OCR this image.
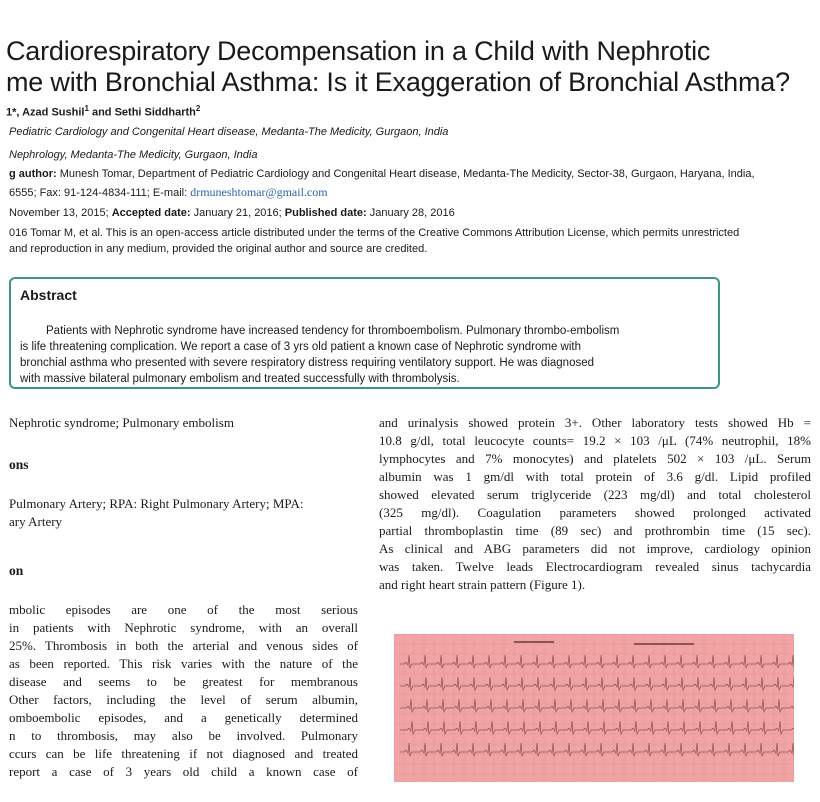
Cardiorespiratory Decompensation in a Child with Nephrotic
me with Bronchial Asthma: Is it Exaggeration of Bronchial Asthma?
1*, Azad Sushil$^1$ and Sethi Siddharth$^2$
Pediatric Cardiology and Congenital Heart disease, Medanta-The Medicity, Gurgaon, India
Nephrology, Medanta-The Medicity, Gurgaon, India
g author: Munesh Tomar, Department of Pediatric Cardiology and Congenital Heart disease, Medanta-The Medicity, Sector-38, Gurgaon, Haryana, India,
6555; Fax: 91-124-4834-111; E-mail: drmuneshtomar@gmail.com
November 13, 2015; Accepted date: January 21, 2016; Published date: January 28, 2016
016 Tomar M, et al. This is an open-access article distributed under the terms of the Creative Commons Attribution License, which permits unrestricted
and reproduction in any medium, provided the original author and source are credited.
Abstract
Patients with Nephrotic syndrome have increased tendency for thromboembolism. Pulmonary thrombo-embolism
is life threatening complication. We report a case of 3 yrs old patient a known case of Nephrotic syndrome with
bronchial asthma who presented with severe respiratory distress requiring ventilatory support. He was diagnosed
with massive bilateral pulmonary embolism and treated successfully with thrombolysis.
Nephrotic syndrome; Pulmonary embolism
ons
Pulmonary Artery; RPA: Right Pulmonary Artery; MPA:
ary Artery
on
mbolic episodes are one of the most serious
in patients with Nephrotic syndrome, with an overall
25%. Thrombosis in both the arterial and venous sides of
as been reported. This risk varies with the nature of the
disease and seems to be greatest for membranous
Other factors, including the level of serum albumin,
omboembolic episodes, and a genetically determined
n to thrombosis, may also be involved. Pulmonary
ccurs can be life threatening if not diagnosed and treated
report a case of 3 years old child a known case of
and urinalysis showed protein 3+. Other laboratory tests showed Hb =
10.8 g/dl, total leucocyte counts= 19.2 × 103 /μL (74% neutrophil, 18%
lymphocytes and 7% monocytes) and platelets 502 × 103 /μL. Serum
albumin was 1 gm/dl with total protein of 3.6 g/dl. Lipid profiled
showed elevated serum triglyceride (223 mg/dl) and total cholesterol
(325 mg/dl). Coagulation parameters showed prolonged activated
partial thromboplastin time (89 sec) and prothrombin time (15 sec).
As clinical and ABG parameters did not improve, cardiology opinion
was taken. Twelve leads Electrocardiogram revealed sinus tachycardia
and right heart strain pattern (Figure 1).
